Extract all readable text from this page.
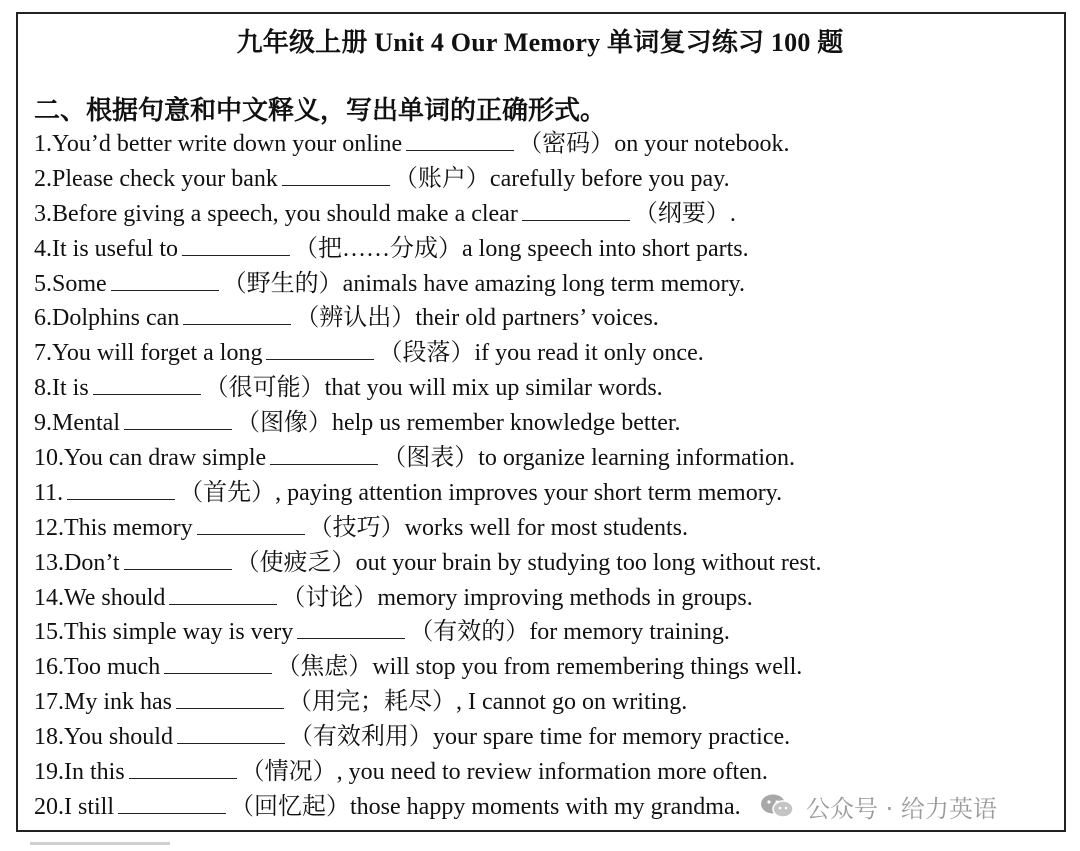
九年级上册 Unit 4 Our Memory 单词复习练习 100 题
二、根据句意和中文释义，写出单词的正确形式。
1.You’d better write down your online	（密码）on your notebook.
2.Please check your bank	（账户）carefully before you pay.
3.Before giving a speech, you should make a clear	（纲要）.
4.It is useful to	（把……分成）a long speech into short parts.
5.Some	（野生的）animals have amazing long term memory.
6.Dolphins can	（辨认出）their old partners’ voices.
7.You will forget a long	（段落）if you read it only once.
8.It is	（很可能）that you will mix up similar words.
9.Mental	（图像）help us remember knowledge better.
10.You can draw simple	（图表）to organize learning information.
11.	（首先）, paying attention improves your short term memory.
12.This memory	（技巧）works well for most students.
13.Don’t	（使疲乏）out your brain by studying too long without rest.
14.We should	（讨论）memory improving methods in groups.
15.This simple way is very	（有效的）for memory training.
16.Too much	（焦虑）will stop you from remembering things well.
17.My ink has	（用完；耗尽）, I cannot go on writing.
18.You should	（有效利用）your spare time for memory practice.
19.In this	（情况）, you need to review information more often.
20.I still	（回忆起）those happy moments with my grandma.	公众号 · 给力英语
